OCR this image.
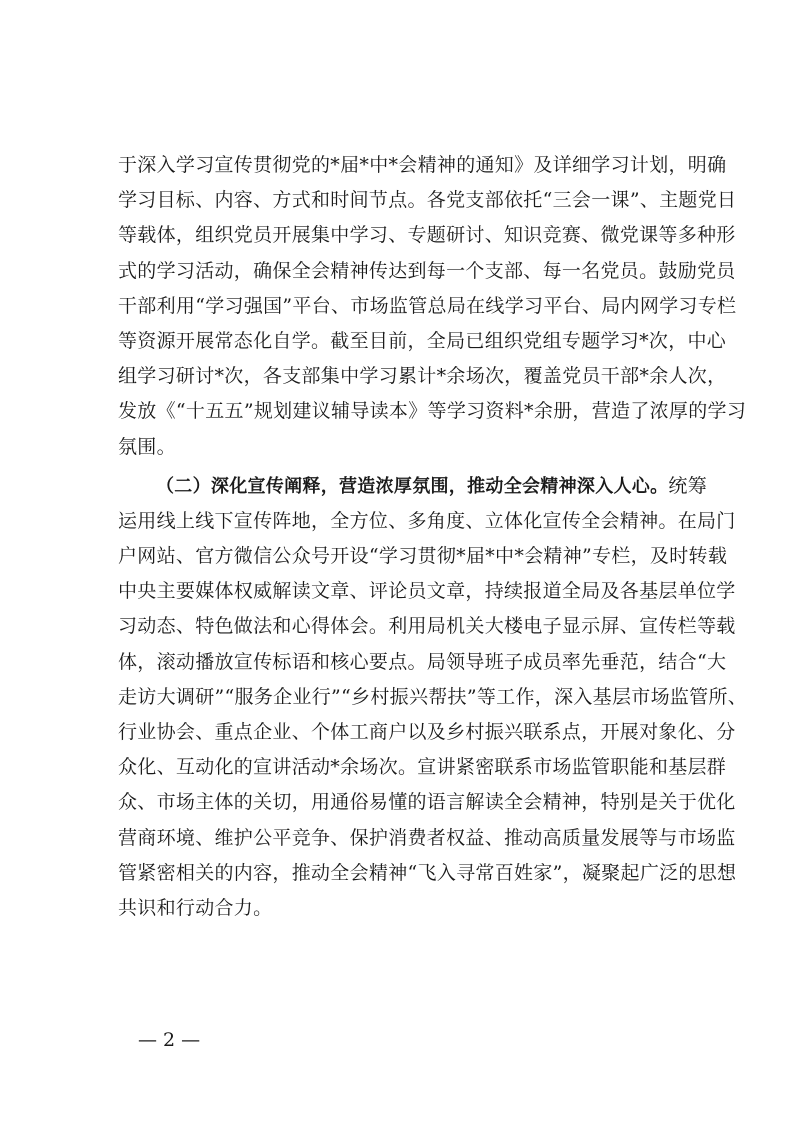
于深入学习宣传贯彻党的*届*中*会精神的通知》及详细学习计划，明确
学习目标、内容、方式和时间节点。各党支部依托“三会一课”、主题党日
等载体，组织党员开展集中学习、专题研讨、知识竞赛、微党课等多种形
式的学习活动，确保全会精神传达到每一个支部、每一名党员。鼓励党员
干部利用“学习强国”平台、市场监管总局在线学习平台、局内网学习专栏
等资源开展常态化自学。截至目前，全局已组织党组专题学习*次，中心
组学习研讨*次，各支部集中学习累计*余场次，覆盖党员干部*余人次，
发放《“十五五”规划建议辅导读本》等学习资料*余册，营造了浓厚的学习
氛围。
（二）深化宣传阐释，营造浓厚氛围，推动全会精神深入人心。统筹
运用线上线下宣传阵地，全方位、多角度、立体化宣传全会精神。在局门
户网站、官方微信公众号开设“学习贯彻*届*中*会精神”专栏，及时转载
中央主要媒体权威解读文章、评论员文章，持续报道全局及各基层单位学
习动态、特色做法和心得体会。利用局机关大楼电子显示屏、宣传栏等载
体，滚动播放宣传标语和核心要点。局领导班子成员率先垂范，结合“大
走访大调研”“服务企业行”“乡村振兴帮扶”等工作，深入基层市场监管所、
行业协会、重点企业、个体工商户以及乡村振兴联系点，开展对象化、分
众化、互动化的宣讲活动*余场次。宣讲紧密联系市场监管职能和基层群
众、市场主体的关切，用通俗易懂的语言解读全会精神，特别是关于优化
营商环境、维护公平竞争、保护消费者权益、推动高质量发展等与市场监
管紧密相关的内容，推动全会精神“飞入寻常百姓家”，凝聚起广泛的思想
共识和行动合力。
— 2 —
